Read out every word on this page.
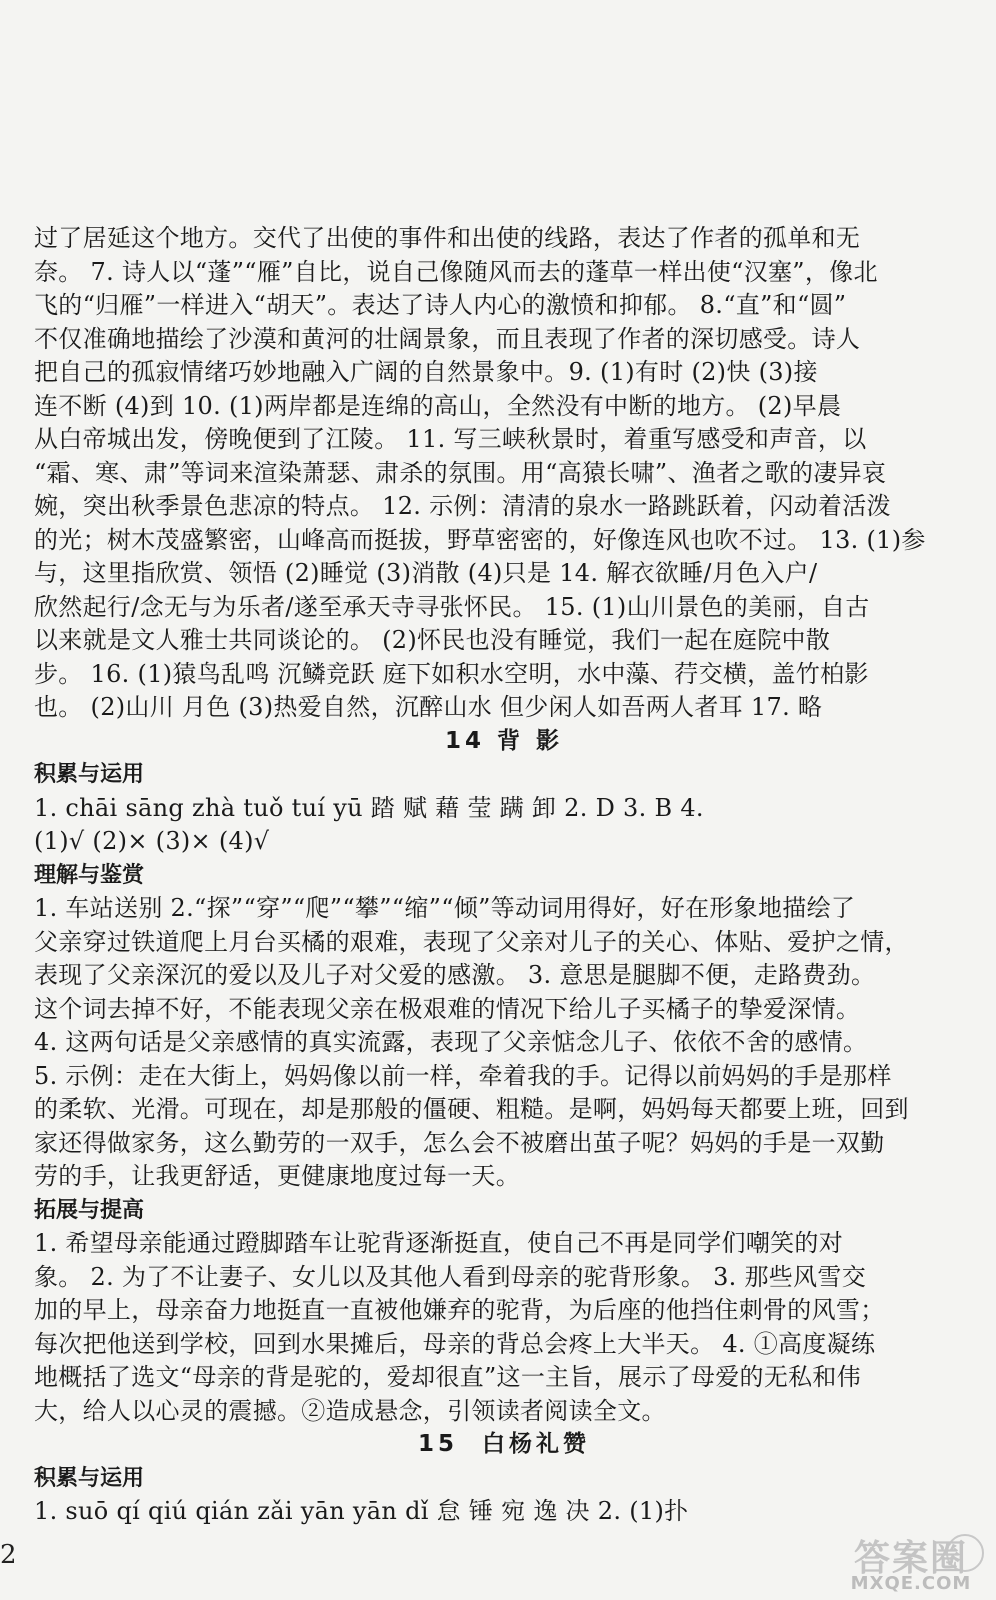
过了居延这个地方。交代了出使的事件和出使的线路，表达了作者的孤单和无
奈。 7. 诗人以“蓬”“雁”自比，说自己像随风而去的蓬草一样出使“汉塞”，像北
飞的“归雁”一样进入“胡天”。表达了诗人内心的激愤和抑郁。 8.“直”和“圆”
不仅准确地描绘了沙漠和黄河的壮阔景象，而且表现了作者的深切感受。诗人
把自己的孤寂情绪巧妙地融入广阔的自然景象中。9. (1)有时 (2)快 (3)接
连不断 (4)到 10. (1)两岸都是连绵的高山，全然没有中断的地方。 (2)早晨
从白帝城出发，傍晚便到了江陵。 11. 写三峡秋景时，着重写感受和声音，以
“霜、寒、肃”等词来渲染萧瑟、肃杀的氛围。用“高猿长啸”、渔者之歌的凄异哀
婉，突出秋季景色悲凉的特点。 12. 示例：清清的泉水一路跳跃着，闪动着活泼
的光；树木茂盛繁密，山峰高而挺拔，野草密密的，好像连风也吹不过。 13. (1)参
与，这里指欣赏、领悟 (2)睡觉 (3)消散 (4)只是 14. 解衣欲睡/月色入户/
欣然起行/念无与为乐者/遂至承天寺寻张怀民。 15. (1)山川景色的美丽，自古
以来就是文人雅士共同谈论的。 (2)怀民也没有睡觉，我们一起在庭院中散
步。 16. (1)猿鸟乱鸣 沉鳞竞跃 庭下如积水空明，水中藻、荇交横，盖竹柏影
也。 (2)山川 月色 (3)热爱自然，沉醉山水 但少闲人如吾两人者耳 17. 略
14 背 影
积累与运用
1. chāi sāng zhà tuǒ tuí yū 踏 赋 藉 莹 蹒 卸 2. D 3. B 4.
(1)√ (2)× (3)× (4)√
理解与鉴赏
1. 车站送别 2.“探”“穿”“爬”“攀”“缩”“倾”等动词用得好，好在形象地描绘了
父亲穿过铁道爬上月台买橘的艰难，表现了父亲对儿子的关心、体贴、爱护之情，
表现了父亲深沉的爱以及儿子对父爱的感激。 3. 意思是腿脚不便，走路费劲。
这个词去掉不好，不能表现父亲在极艰难的情况下给儿子买橘子的挚爱深情。
4. 这两句话是父亲感情的真实流露，表现了父亲惦念儿子、依依不舍的感情。
5. 示例：走在大街上，妈妈像以前一样，牵着我的手。记得以前妈妈的手是那样
的柔软、光滑。可现在，却是那般的僵硬、粗糙。是啊，妈妈每天都要上班，回到
家还得做家务，这么勤劳的一双手，怎么会不被磨出茧子呢？妈妈的手是一双勤
劳的手，让我更舒适，更健康地度过每一天。
拓展与提高
1. 希望母亲能通过蹬脚踏车让驼背逐渐挺直，使自己不再是同学们嘲笑的对
象。 2. 为了不让妻子、女儿以及其他人看到母亲的驼背形象。 3. 那些风雪交
加的早上，母亲奋力地挺直一直被他嫌弃的驼背，为后座的他挡住刺骨的风雪；
每次把他送到学校，回到水果摊后，母亲的背总会疼上大半天。 4. ①高度凝练
地概括了选文“母亲的背是驼的，爱却很直”这一主旨，展示了母爱的无私和伟
大，给人以心灵的震撼。②造成悬念，引领读者阅读全文。
15  白杨礼赞
积累与运用
1. suō qí qiú qián zǎi yān yān dǐ 怠 锤 宛 逸 决 2. (1)扑
2	答案圈
MXQE.COM
